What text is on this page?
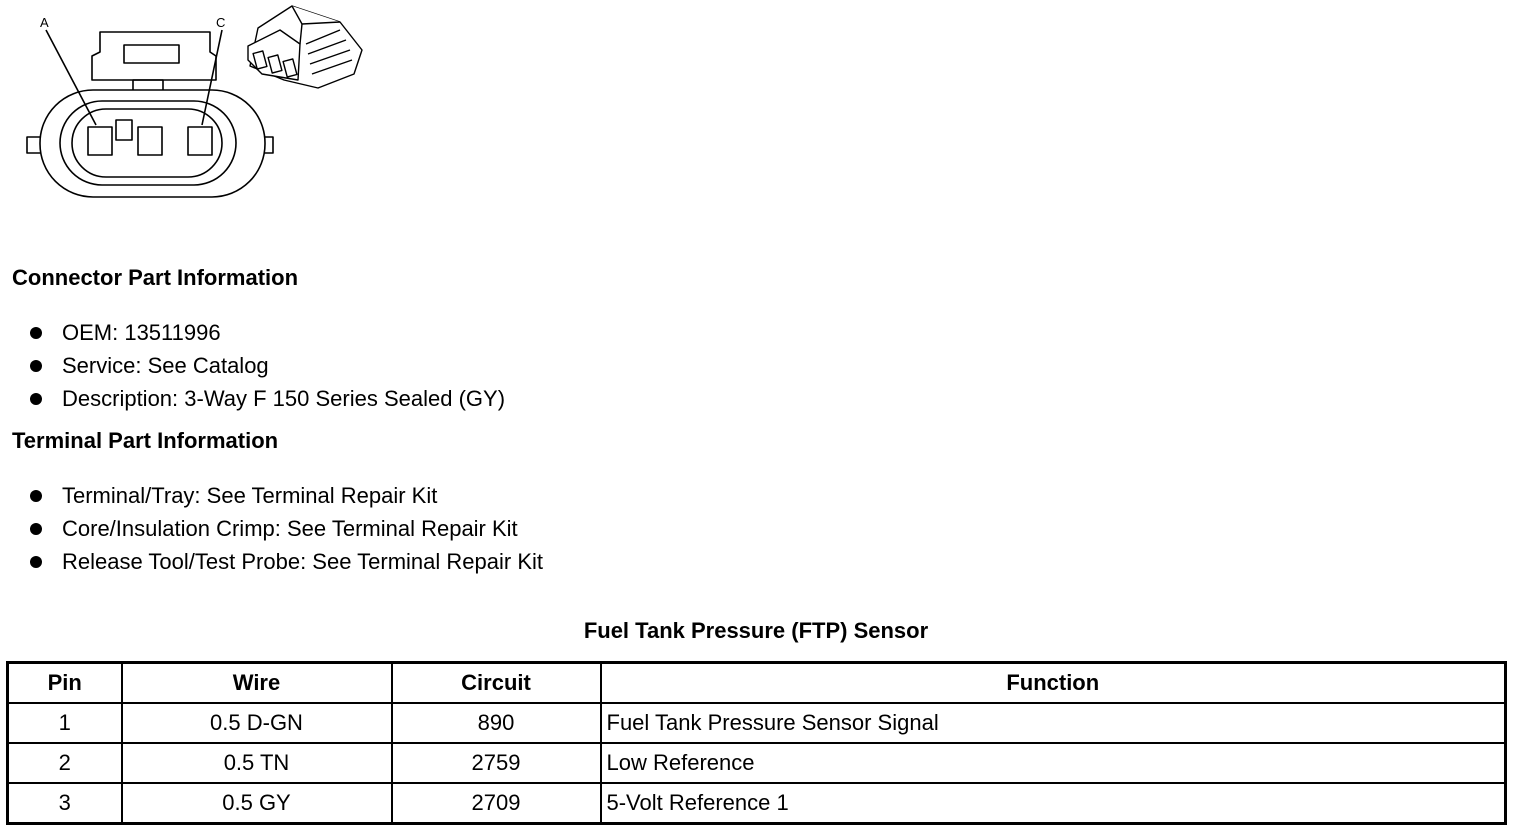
A	C
Connector Part Information
OEM: 13511996
Service: See Catalog
Description: 3-Way F 150 Series Sealed (GY)
Terminal Part Information
Terminal/Tray: See Terminal Repair Kit
Core/Insulation Crimp: See Terminal Repair Kit
Release Tool/Test Probe: See Terminal Repair Kit
Fuel Tank Pressure (FTP) Sensor
Pin	Wire	Circuit	Function
1	0.5 D-GN	890	Fuel Tank Pressure Sensor Signal
2	0.5 TN	2759	Low Reference
3	0.5 GY	2709	5-Volt Reference 1
